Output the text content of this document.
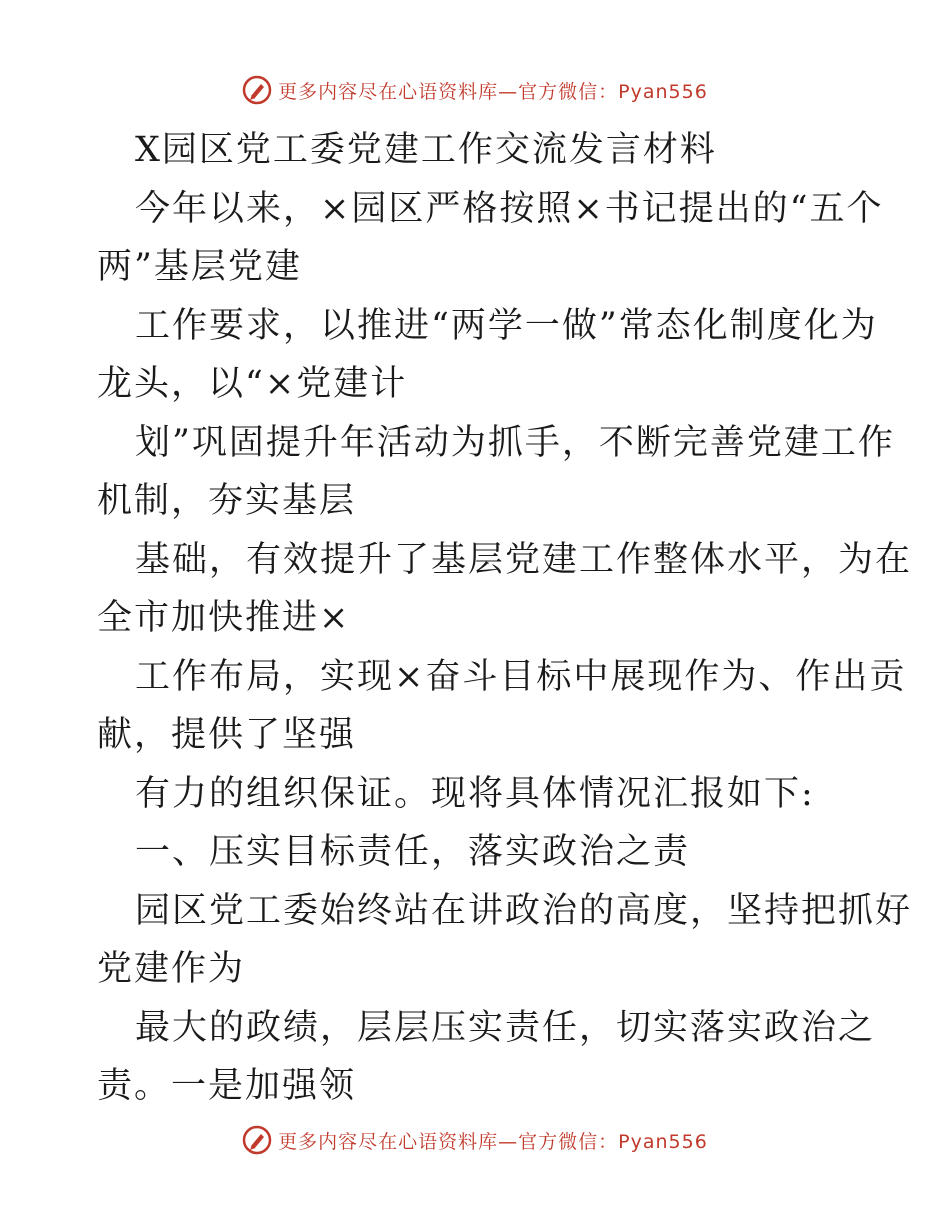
更多内容尽在心语资料库—官方微信：Pyan556
X园区党工委党建工作交流发言材料
今年以来，×园区严格按照×书记提出的“五个
两”基层党建
工作要求，以推进“两学一做”常态化制度化为
龙头，以“×党建计
划”巩固提升年活动为抓手，不断完善党建工作
机制，夯实基层
基础，有效提升了基层党建工作整体水平，为在
全市加快推进×
工作布局，实现×奋斗目标中展现作为、作出贡
献，提供了坚强
有力的组织保证。现将具体情况汇报如下:
一、压实目标责任，落实政治之责
园区党工委始终站在讲政治的高度，坚持把抓好
党建作为
最大的政绩，层层压实责任，切实落实政治之
责。一是加强领
更多内容尽在心语资料库—官方微信：Pyan556
